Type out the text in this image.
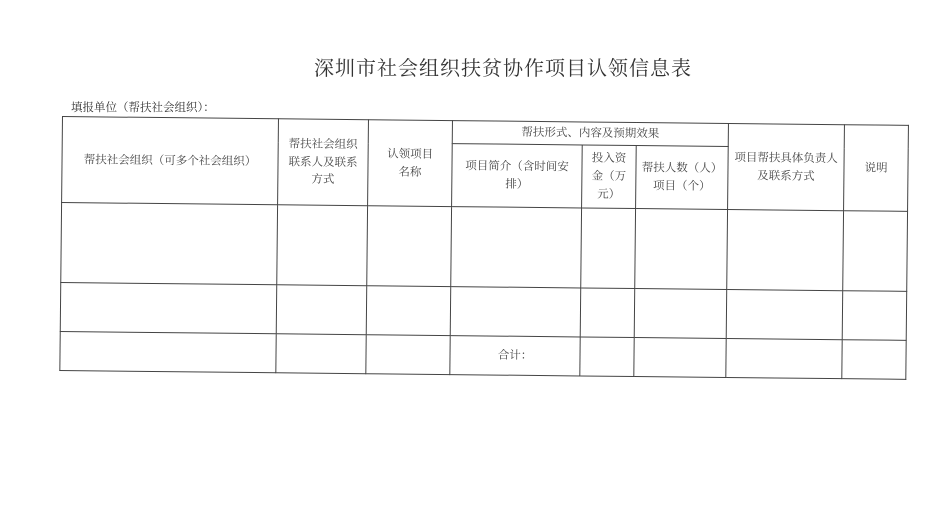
深圳市社会组织扶贫协作项目认领信息表
填报单位（帮扶社会组织）：
帮扶社会组织（可多个社会组织）	帮扶社会组织联系人及联系方式	认领项目名称	帮扶形式、内容及预期效果			项目帮扶具体负责人及联系方式	说明
			项目简介（含时间安排）	投入资金（万元）	帮扶人数（人）项目（个）		

			合计：				
